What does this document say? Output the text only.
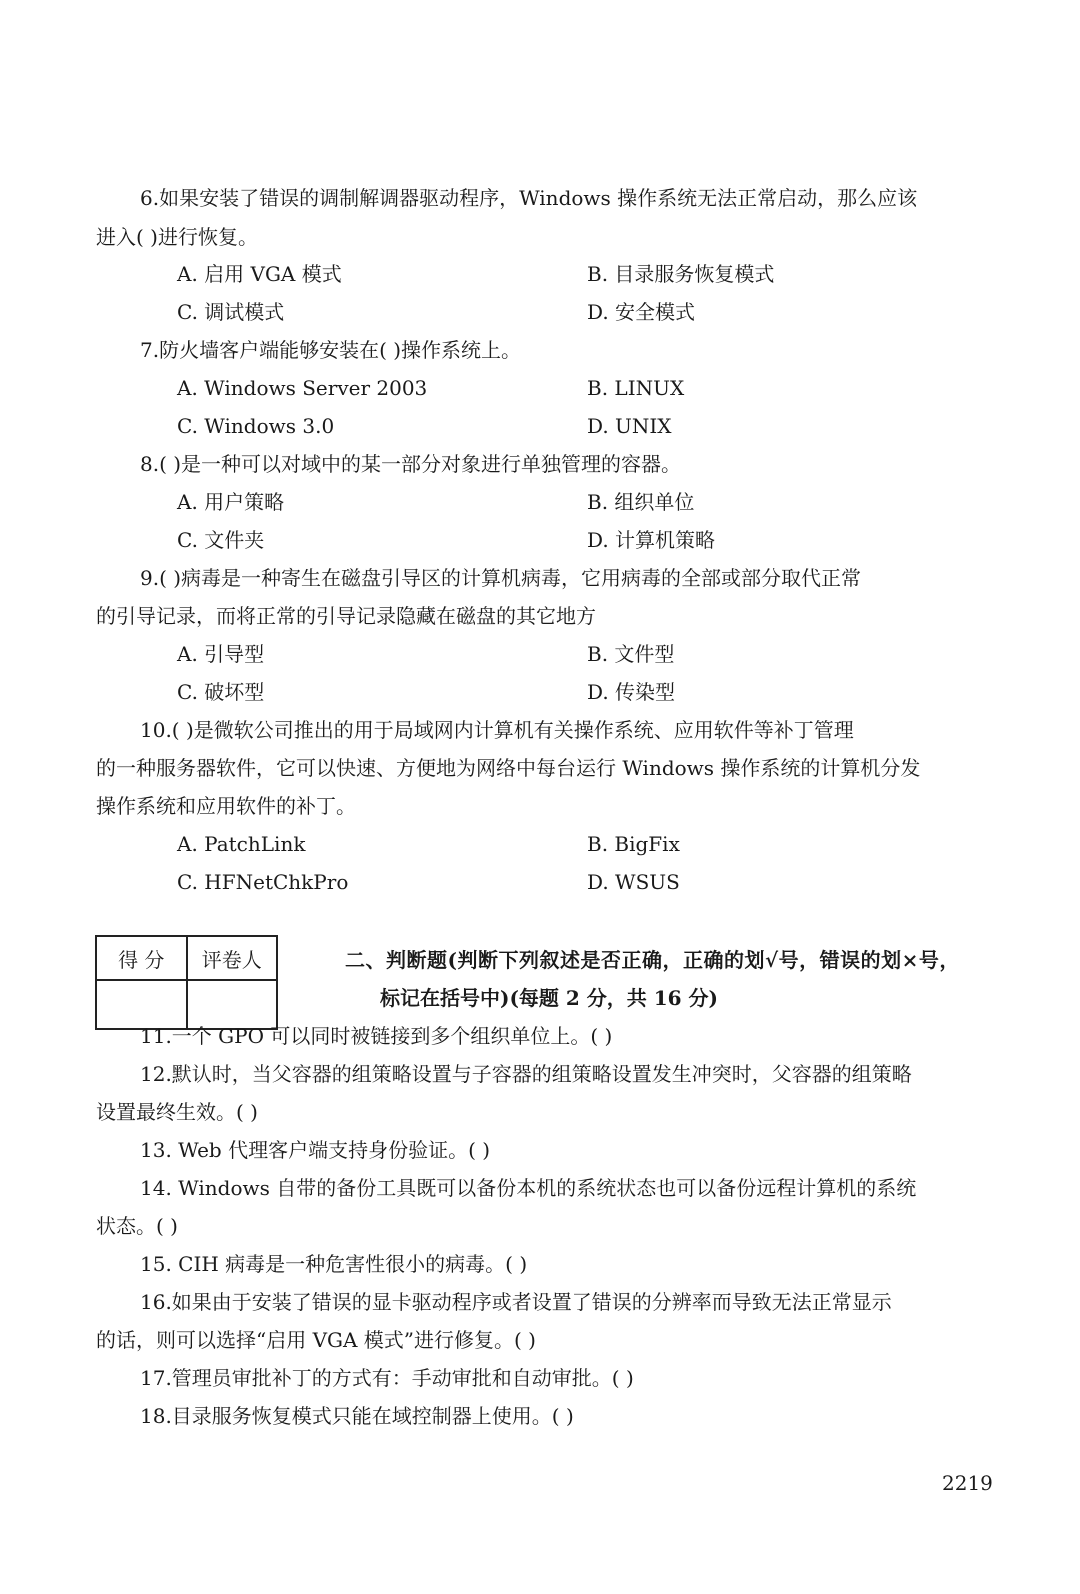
6.如果安装了错误的调制解调器驱动程序，Windows 操作系统无法正常启动，那么应该
进入( )进行恢复。
A. 启用 VGA 模式	B. 目录服务恢复模式
C. 调试模式	D. 安全模式
7.防火墙客户端能够安装在( )操作系统上。
A. Windows Server 2003	B. LINUX
C. Windows 3.0	D. UNIX
8.( )是一种可以对域中的某一部分对象进行单独管理的容器。
A. 用户策略	B. 组织单位
C. 文件夹	D. 计算机策略
9.( )病毒是一种寄生在磁盘引导区的计算机病毒，它用病毒的全部或部分取代正常
的引导记录，而将正常的引导记录隐藏在磁盘的其它地方
A. 引导型	B. 文件型
C. 破坏型	D. 传染型
10.( )是微软公司推出的用于局域网内计算机有关操作系统、应用软件等补丁管理
的一种服务器软件，它可以快速、方便地为网络中每台运行 Windows 操作系统的计算机分发
操作系统和应用软件的补丁。
A. PatchLink	B. BigFix
C. HFNetChkPro	D. WSUS
得 分	评卷人
		二、判断题(判断下列叙述是否正确，正确的划√号，错误的划×号，
标记在括号中)(每题 2 分，共 16 分)
11.一个 GPO 可以同时被链接到多个组织单位上。( )
12.默认时，当父容器的组策略设置与子容器的组策略设置发生冲突时，父容器的组策略
设置最终生效。( )
13. Web 代理客户端支持身份验证。( )
14. Windows 自带的备份工具既可以备份本机的系统状态也可以备份远程计算机的系统
状态。( )
15. CIH 病毒是一种危害性很小的病毒。( )
16.如果由于安装了错误的显卡驱动程序或者设置了错误的分辨率而导致无法正常显示
的话，则可以选择“启用 VGA 模式”进行修复。( )
17.管理员审批补丁的方式有：手动审批和自动审批。( )
18.目录服务恢复模式只能在域控制器上使用。( )
2219
